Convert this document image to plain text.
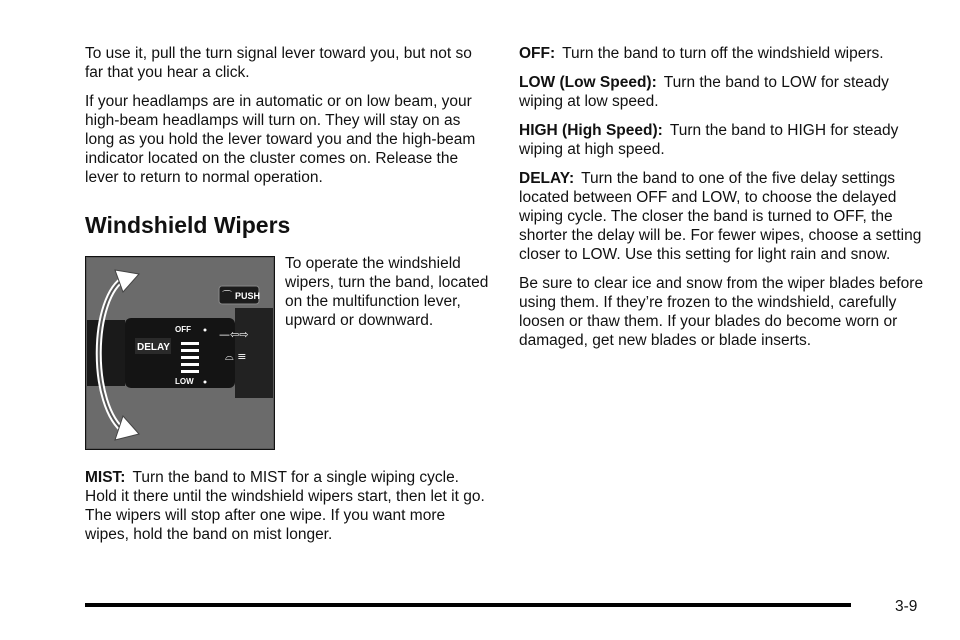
To use it, pull the turn signal lever toward you, but not so far that you hear a click.

If your headlamps are in automatic or on low beam, your high-beam headlamps will turn on. They will stay on as long as you hold the lever toward you and the high-beam indicator located on the cluster comes on. Release the lever to return to normal operation.

Windshield Wipers
PUSH
⌒
OFF
DELAY
LOW
—⇦⇨
⌓ ≡
To operate the windshield wipers, turn the band, located on the multifunction lever, upward or downward.

MIST: Turn the band to MIST for a single wiping cycle. Hold it there until the windshield wipers start, then let it go. The wipers will stop after one wipe. If you want more wipes, hold the band on mist longer.

OFF: Turn the band to turn off the windshield wipers.

LOW (Low Speed): Turn the band to LOW for steady wiping at low speed.

HIGH (High Speed): Turn the band to HIGH for steady wiping at high speed.

DELAY: Turn the band to one of the five delay settings located between OFF and LOW, to choose the delayed wiping cycle. The closer the band is turned to OFF, the shorter the delay will be. For fewer wipes, choose a setting closer to LOW. Use this setting for light rain and snow.

Be sure to clear ice and snow from the wiper blades before using them. If they’re frozen to the windshield, carefully loosen or thaw them. If your blades do become worn or damaged, get new blades or blade inserts.

3-9
